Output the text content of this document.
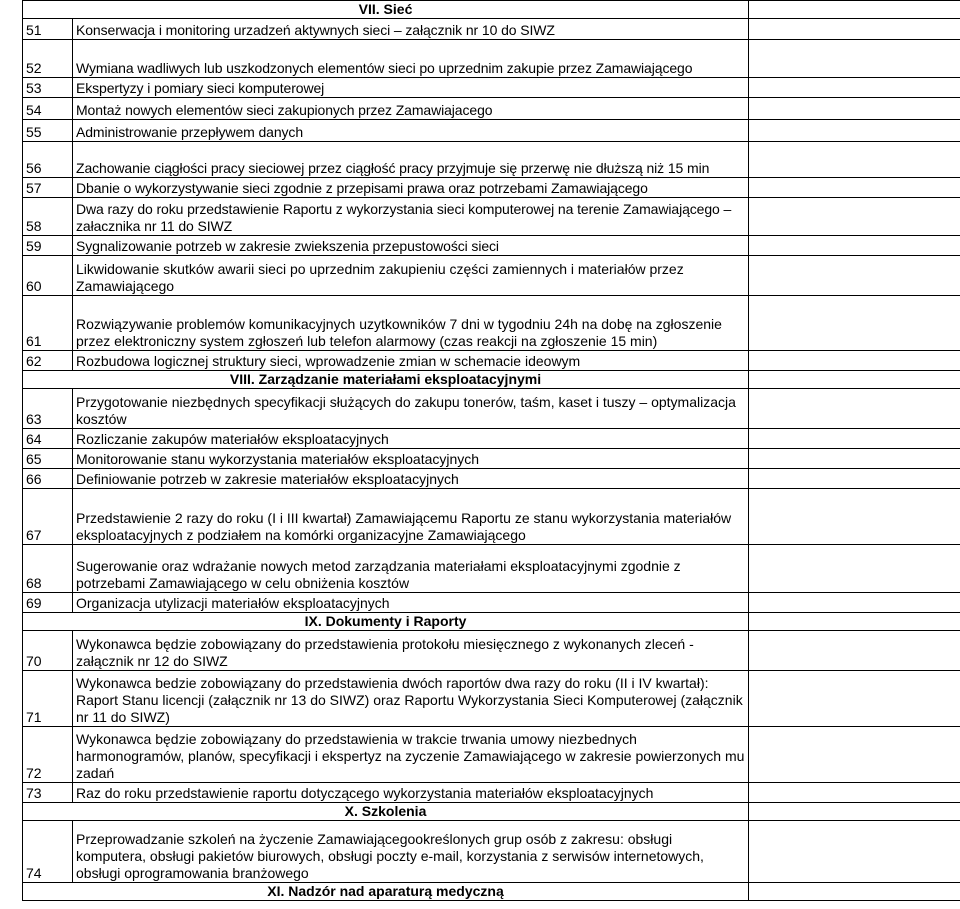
VII. Sieć		
51	Konserwacja i monitoring urzadzeń aktywnych sieci – załącznik nr 10 do SIWZ	
52	Wymiana wadliwych lub uszkodzonych elementów sieci po uprzednim zakupie przez Zamawiającego	
53	Ekspertyzy i pomiary sieci komputerowej	
54	Montaż nowych elementów sieci zakupionych przez Zamawiajacego	
55	Administrowanie przepływem danych	
56	Zachowanie ciągłości pracy sieciowej przez ciągłość pracy przyjmuje się przerwę nie dłuższą niż 15 min	
57	Dbanie o wykorzystywanie sieci zgodnie z przepisami prawa oraz potrzebami Zamawiającego	
58	Dwa razy do roku przedstawienie Raportu z wykorzystania sieci komputerowej na terenie Zamawiającego – załacznika nr 11 do SIWZ	
59	Sygnalizowanie potrzeb w zakresie zwiekszenia przepustowości sieci	
60	Likwidowanie skutków awarii sieci po uprzednim zakupieniu części zamiennych i materiałów przez Zamawiającego	
61	Rozwiązywanie problemów komunikacyjnych uzytkowników 7 dni w tygodniu 24h na dobę na zgłoszenie przez elektroniczny system zgłoszeń lub telefon alarmowy (czas reakcji na zgłoszenie 15 min)	
62	Rozbudowa logicznej struktury sieci, wprowadzenie zmian w schemacie ideowym	
VIII. Zarządzanie materiałami eksploatacyjnymi		
63	Przygotowanie niezbędnych specyfikacji służących do zakupu tonerów, taśm, kaset i tuszy – optymalizacja kosztów	
64	Rozliczanie zakupów materiałów eksploatacyjnych	
65	Monitorowanie stanu wykorzystania materiałów eksploatacyjnych	
66	Definiowanie potrzeb w zakresie materiałów eksploatacyjnych	
67	Przedstawienie 2 razy do roku (I i III kwartał) Zamawiającemu Raportu ze stanu wykorzystania materiałów eksploatacyjnych z podziałem na komórki organizacyjne Zamawiającego	
68	Sugerowanie oraz wdrażanie nowych metod zarządzania materiałami eksploatacyjnymi zgodnie z potrzebami Zamawiającego w celu obniżenia kosztów	
69	Organizacja utylizacji materiałów eksploatacyjnych	
IX. Dokumenty i Raporty		
70	Wykonawca będzie zobowiązany do przedstawienia protokołu miesięcznego z wykonanych zleceń - załącznik nr 12 do SIWZ	
71	Wykonawca bedzie zobowiązany do przedstawienia dwóch raportów dwa razy do roku (II i IV kwartał): Raport Stanu licencji (załącznik nr 13 do SIWZ) oraz Raportu Wykorzystania Sieci Komputerowej (załącznik nr 11 do SIWZ)	
72	Wykonawca będzie zobowiązany do przedstawienia w trakcie trwania umowy niezbednych harmonogramów, planów, specyfikacji i ekspertyz na zyczenie Zamawiającego w zakresie powierzonych mu zadań	
73	Raz do roku przedstawienie raportu dotyczącego wykorzystania materiałów eksploatacyjnych	
X. Szkolenia		
74	Przeprowadzanie szkoleń na życzenie Zamawiającegookreślonych grup osób z zakresu: obsługi komputera, obsługi pakietów biurowych, obsługi poczty e-mail, korzystania z serwisów internetowych, obsługi oprogramowania branżowego	
XI. Nadzór nad aparaturą medyczną		
